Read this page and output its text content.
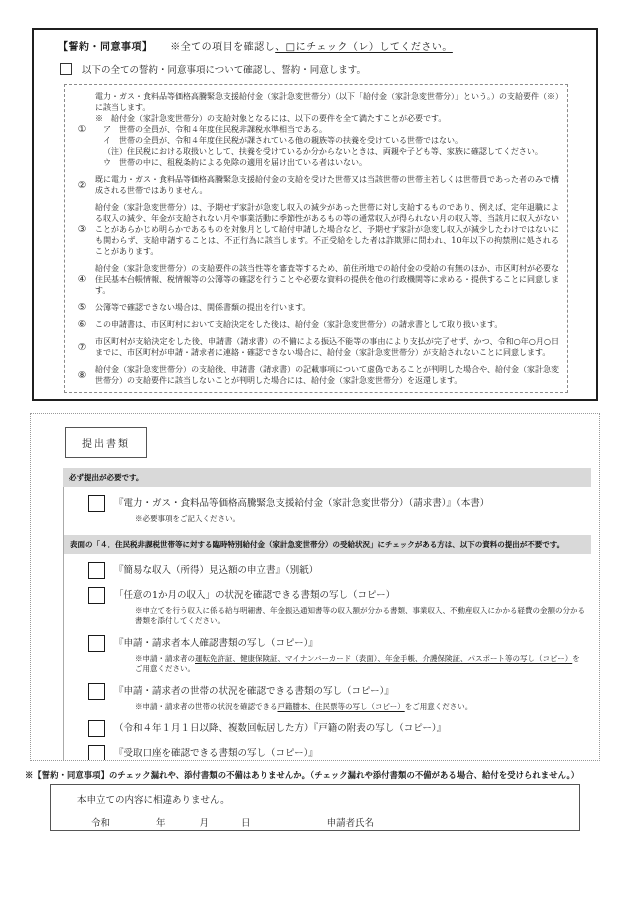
【誓約・同意事項】 ※全ての項目を確認し、□にチェック（レ）してください。
以下の全ての誓約・同意事項について確認し、誓約・同意します。
①
電力・ガス・食料品等価格高騰緊急支援給付金（家計急変世帯分）（以下「給付金（家計急変世帯分）」という。）の支給要件（※）に該当します。
※　給付金（家計急変世帯分）の支給対象となるには、以下の要件を全て満たすことが必要です。
ア　世帯の全員が、令和４年度住民税非課税水準相当である。
イ　世帯の全員が、令和４年度住民税が課されている他の親族等の扶養を受けている世帯ではない。
（注）住民税における取扱いとして、扶養を受けているか分からないときは、両親や子ども等、家族に確認してください。
ウ　世帯の中に、租税条約による免除の適用を届け出ている者はいない。
②	既に電力・ガス・食料品等価格高騰緊急支援給付金の支給を受けた世帯又は当該世帯の世帯主若しくは世帯員であった者のみで構成される世帯ではありません。
③
給付金（家計急変世帯分）は、予期せず家計が急変し収入の減少があった世帯に対し支給するものであり、例えば、定年退職による収入の減少、年金が支給されない月や事業活動に季節性があるもの等の通常収入が得られない月の収入等、当該月に収入がないことがあらかじめ明らかであるものを対象月として給付申請した場合など、予期せず家計が急変し収入が減少したわけではないにも関わらず、支給申請することは、不正行為に該当します。不正受給をした者は詐欺罪に問われ、10年以下の拘禁刑に処されることがあります。
④
給付金（家計急変世帯分）の支給要件の該当性等を審査等するため、前住所地での給付金の受給の有無のほか、市区町村が必要な住民基本台帳情報、税情報等の公簿等の確認を行うことや必要な資料の提供を他の行政機関等に求める・提供することに同意します。
⑤	公簿等で確認できない場合は、関係書類の提出を行います。
⑥	この申請書は、市区町村において支給決定をした後は、給付金（家計急変世帯分）の請求書として取り扱います。
⑦	市区町村が支給決定をした後、申請書（請求書）の不備による振込不能等の事由により支払が完了せず、かつ、令和○年○月○日までに、市区町村が申請・請求者に連絡・確認できない場合に、給付金（家計急変世帯分）が支給されないことに同意します。
⑧	給付金（家計急変世帯分）の支給後、申請書（請求書）の記載事項について虚偽であることが判明した場合や、給付金（家計急変世帯分）の支給要件に該当しないことが判明した場合には、給付金（家計急変世帯分）を返還します。
提出書類
必ず提出が必要です。
『電力・ガス・食料品等価格高騰緊急支援給付金（家計急変世帯分）（請求書）』（本書）
※必要事項をご記入ください。
表面の「４．住民税非課税世帯等に対する臨時特別給付金（家計急変世帯分）の受給状況」にチェックがある方は、以下の資料の提出が不要です。
『簡易な収入（所得）見込額の申立書』（別紙）
「任意の1か月の収入」の状況を確認できる書類の写し（コピー）
※申立てを行う収入に係る給与明細書、年金振込通知書等の収入額が分かる書類、事業収入、不動産収入にかかる経費の金額の分かる書類を添付してください。
『申請・請求者本人確認書類の写し（コピー）』
※申請・請求者の運転免許証、健康保険証、マイナンバーカード（表面）、年金手帳、介護保険証、パスポート等の写し（コピー）をご用意ください。
『申請・請求者の世帯の状況を確認できる書類の写し（コピー）』
※申請・請求者の世帯の状況を確認できる戸籍謄本、住民票等の写し（コピー）をご用意ください。
（令和４年１月１日以降、複数回転居した方）『戸籍の附表の写し（コピー）』
『受取口座を確認できる書類の写し（コピー）』
※【誓約・同意事項】のチェック漏れや、添付書類の不備はありませんか。（チェック漏れや添付書類の不備がある場合、給付を受けられません。）
本申立ての内容に相違ありません。
令和	年	月	日	申請者氏名
